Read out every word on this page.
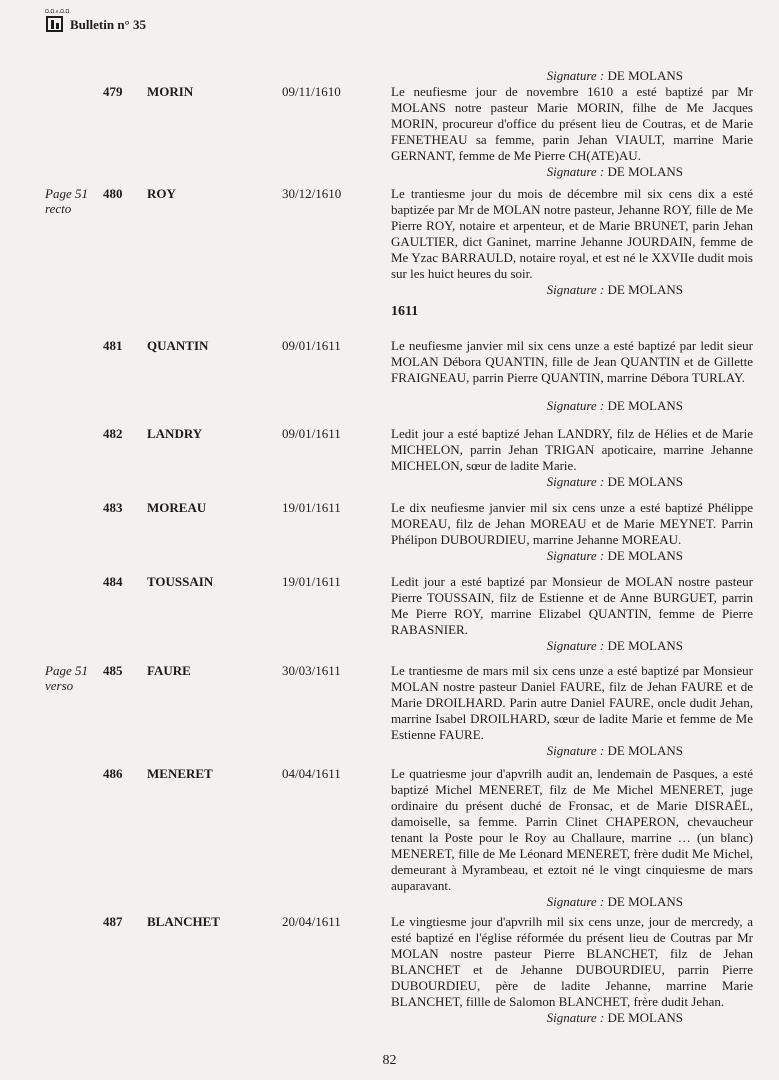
Ω.Ω.ε.Ω.Ω.
Bulletin n° 35
Signature : DE MOLANS
479 MORIN	09/11/1610	Le neufiesme jour de novembre 1610 a esté baptizé par Mr MOLANS notre pasteur Marie MORIN, filhe de Me Jacques MORIN, procureur d'office du présent lieu de Coutras, et de Marie FENETHEAU sa femme, parin Jehan VIAULT, marrine Marie GERNANT, femme de Me Pierre CH(ATE)AU.
Signature : DE MOLANS
Page 51 recto
480 ROY	30/12/1610	Le trantiesme jour du mois de décembre mil six cens dix a esté baptizée par Mr de MOLAN notre pasteur, Jehanne ROY, fille de Me Pierre ROY, notaire et arpenteur, et de Marie BRUNET, parin Jehan GAULTIER, dict Ganinet, marrine Jehanne JOURDAIN, femme de Me Yzac BARRAULD, notaire royal, et est né le XXVIIe dudit mois sur les huict heures du soir.
Signature : DE MOLANS
1611
481 QUANTIN	09/01/1611	Le neufiesme janvier mil six cens unze a esté baptizé par ledit sieur MOLAN Débora QUANTIN, fille de Jean QUANTIN et de Gillette FRAIGNEAU, parrin Pierre QUANTIN, marrine Débora TURLAY.
Signature : DE MOLANS
482 LANDRY	09/01/1611	Ledit jour a esté baptizé Jehan LANDRY, filz de Hélies et de Marie MICHELON, parrin Jehan TRIGAN apoticaire, marrine Jehanne MICHELON, sœur de ladite Marie.
Signature : DE MOLANS
483 MOREAU	19/01/1611	Le dix neufiesme janvier mil six cens unze a esté baptizé Phélippe MOREAU, filz de Jehan MOREAU et de Marie MEYNET. Parrin Phélipon DUBOURDIEU, marrine Jehanne MOREAU.
Signature : DE MOLANS
484 TOUSSAIN	19/01/1611	Ledit jour a esté baptizé par Monsieur de MOLAN nostre pasteur Pierre TOUSSAIN, filz de Estienne et de Anne BURGUET, parrin Me Pierre ROY, marrine Elizabel QUANTIN, femme de Pierre RABASNIER.
Signature : DE MOLANS
Page 51 verso
485 FAURE	30/03/1611	Le trantiesme de mars mil six cens unze a esté baptizé par Monsieur MOLAN nostre pasteur Daniel FAURE, filz de Jehan FAURE et de Marie DROILHARD. Parin autre Daniel FAURE, oncle dudit Jehan, marrine Isabel DROILHARD, sœur de ladite Marie et femme de Me Estienne FAURE.
Signature : DE MOLANS
486 MENERET	04/04/1611	Le quatriesme jour d'apvrilh audit an, lendemain de Pasques, a esté baptizé Michel MENERET, filz de Me Michel MENERET, juge ordinaire du présent duché de Fronsac, et de Marie DISRAËL, damoiselle, sa femme. Parrin Clinet CHAPERON, chevaucheur tenant la Poste pour le Roy au Challaure, marrine … (un blanc) MENERET, fille de Me Léonard MENERET, frère dudit Me Michel, demeurant à Myrambeau, et eztoit né le vingt cinquiesme de mars auparavant.
Signature : DE MOLANS
487 BLANCHET	20/04/1611	Le vingtiesme jour d'apvrilh mil six cens unze, jour de mercredy, a esté baptizé en l'église réformée du présent lieu de Coutras par Mr MOLAN nostre pasteur Pierre BLANCHET, filz de Jehan BLANCHET et de Jehanne DUBOURDIEU, parrin Pierre DUBOURDIEU, père de ladite Jehanne, marrine Marie BLANCHET, fillle de Salomon BLANCHET, frère dudit Jehan.
Signature : DE MOLANS
82
